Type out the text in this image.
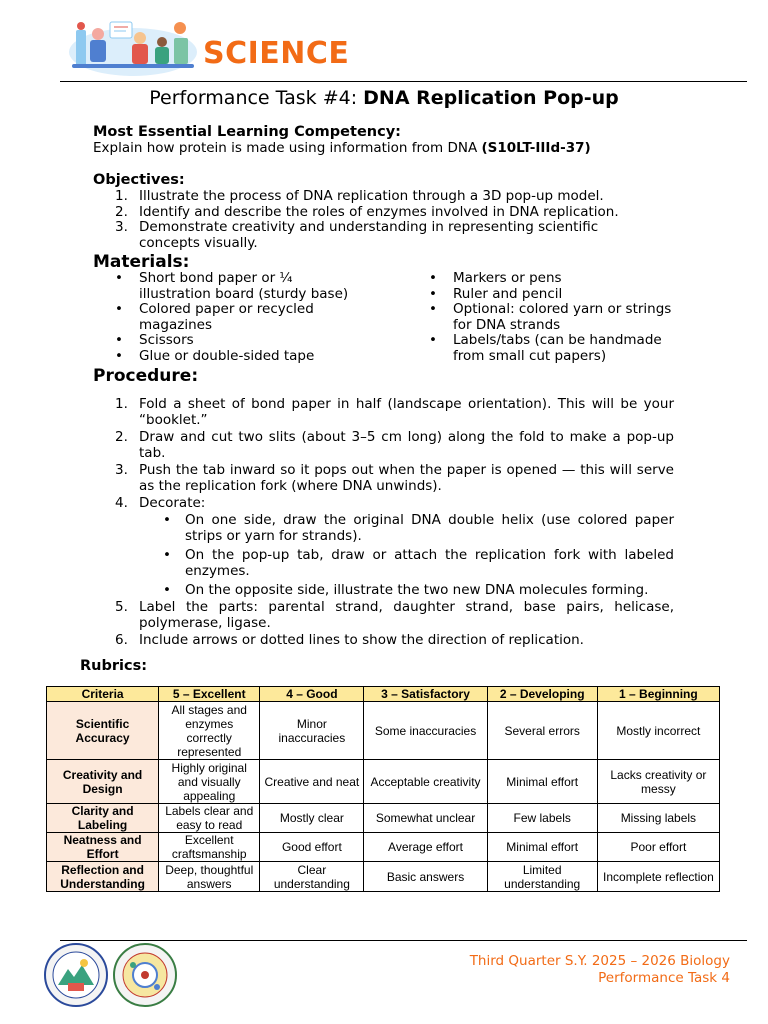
SCIENCE
Performance Task #4: DNA Replication Pop-up
Most Essential Learning Competency:
Explain how protein is made using information from DNA (S10LT-IIId-37)
Objectives:
1. Illustrate the process of DNA replication through a 3D pop-up model.
2. Identify and describe the roles of enzymes involved in DNA replication.
3. Demonstrate creativity and understanding in representing scientific concepts visually.
Materials:
• Short bond paper or ¼ illustration board (sturdy base)
• Colored paper or recycled magazines
• Scissors
• Glue or double-sided tape
• Markers or pens
• Ruler and pencil
• Optional: colored yarn or strings for DNA strands
• Labels/tabs (can be handmade from small cut papers)
Procedure:
1. Fold a sheet of bond paper in half (landscape orientation). This will be your “booklet.”
2. Draw and cut two slits (about 3–5 cm long) along the fold to make a pop-up tab.
3. Push the tab inward so it pops out when the paper is opened — this will serve as the replication fork (where DNA unwinds).
4. Decorate:
• On one side, draw the original DNA double helix (use colored paper strips or yarn for strands).
• On the pop-up tab, draw or attach the replication fork with labeled enzymes.
• On the opposite side, illustrate the two new DNA molecules forming.
5. Label the parts: parental strand, daughter strand, base pairs, helicase, polymerase, ligase.
6. Include arrows or dotted lines to show the direction of replication.
Rubrics:
Criteria	5 – Excellent	4 – Good	3 – Satisfactory	2 – Developing	1 – Beginning
Scientific Accuracy	All stages and enzymes correctly represented	Minor inaccuracies	Some inaccuracies	Several errors	Mostly incorrect
Creativity and Design	Highly original and visually appealing	Creative and neat	Acceptable creativity	Minimal effort	Lacks creativity or messy
Clarity and Labeling	Labels clear and easy to read	Mostly clear	Somewhat unclear	Few labels	Missing labels
Neatness and Effort	Excellent craftsmanship	Good effort	Average effort	Minimal effort	Poor effort
Reflection and Understanding	Deep, thoughtful answers	Clear understanding	Basic answers	Limited understanding	Incomplete reflection
Third Quarter S.Y. 2025 – 2026 Biology
Performance Task 4
